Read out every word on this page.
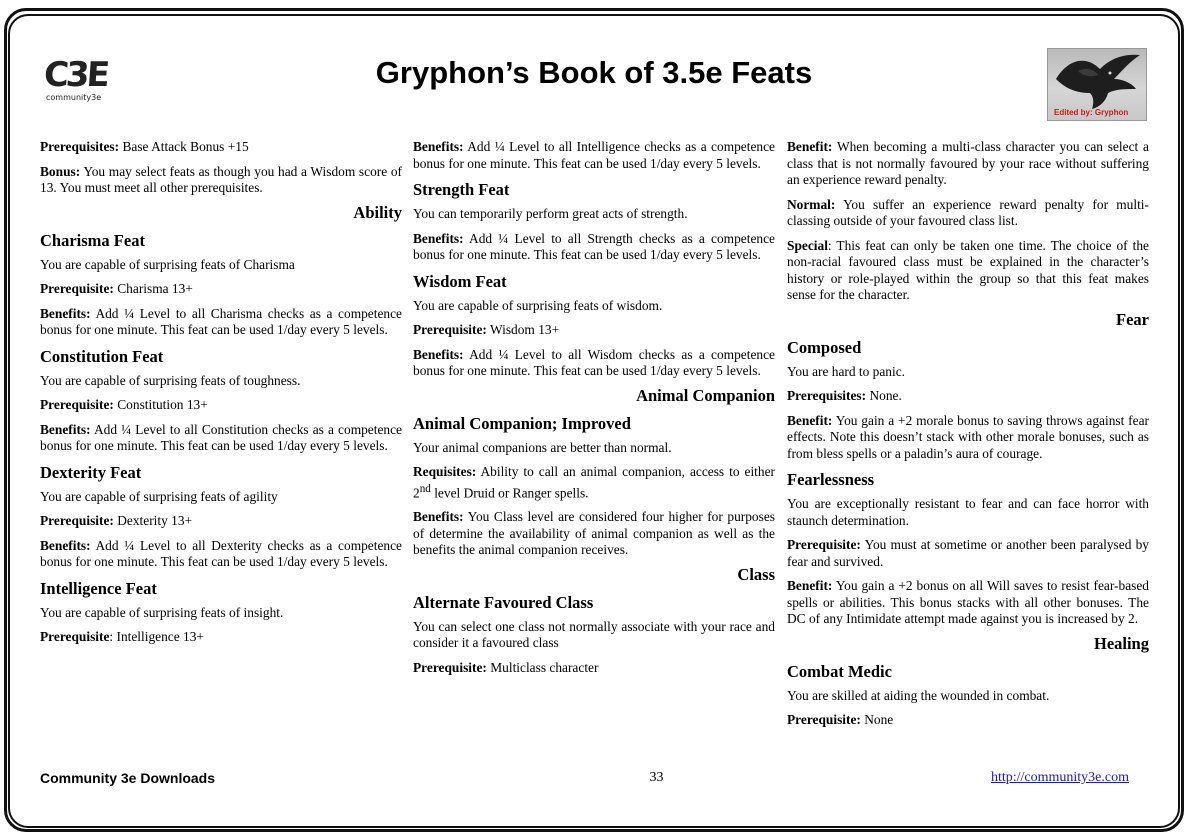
C3E
community3e
Gryphon’s Book of 3.5e Feats
Edited by: Gryphon

Prerequisites: Base Attack Bonus +15

Bonus: You may select feats as though you had a Wisdom score of 13. You must meet all other prerequisites.

Ability
Charisma Feat

You are capable of surprising feats of Charisma

Prerequisite: Charisma 13+

Benefits: Add ¼ Level to all Charisma checks as a competence bonus for one minute. This feat can be used 1/day every 5 levels.

Constitution Feat

You are capable of surprising feats of toughness.

Prerequisite: Constitution 13+

Benefits: Add ¼ Level to all Constitution checks as a competence bonus for one minute. This feat can be used 1/day every 5 levels.

Dexterity Feat

You are capable of surprising feats of agility

Prerequisite: Dexterity 13+

Benefits: Add ¼ Level to all Dexterity checks as a competence bonus for one minute. This feat can be used 1/day every 5 levels.

Intelligence Feat

You are capable of surprising feats of insight.

Prerequisite: Intelligence 13+

Benefits: Add ¼ Level to all Intelligence checks as a competence bonus for one minute. This feat can be used 1/day every 5 levels.

Strength Feat

You can temporarily perform great acts of strength.

Benefits: Add ¼ Level to all Strength checks as a competence bonus for one minute. This feat can be used 1/day every 5 levels.

Wisdom Feat

You are capable of surprising feats of wisdom.

Prerequisite: Wisdom 13+

Benefits: Add ¼ Level to all Wisdom checks as a competence bonus for one minute. This feat can be used 1/day every 5 levels.

Animal Companion
Animal Companion; Improved

Your animal companions are better than normal.

Requisites: Ability to call an animal companion, access to either 2nd level Druid or Ranger spells.

Benefits: You Class level are considered four higher for purposes of determine the availability of animal companion as well as the benefits the animal companion receives.

Class
Alternate Favoured Class

You can select one class not normally associate with your race and consider it a favoured class

Prerequisite: Multiclass character

Benefit: When becoming a multi-class character you can select a class that is not normally favoured by your race without suffering an experience reward penalty.

Normal: You suffer an experience reward penalty for multi-classing outside of your favoured class list.

Special: This feat can only be taken one time. The choice of the non-racial favoured class must be explained in the character’s history or role-played within the group so that this feat makes sense for the character.

Fear
Composed

You are hard to panic.

Prerequisites: None.

Benefit: You gain a +2 morale bonus to saving throws against fear effects. Note this doesn’t stack with other morale bonuses, such as from bless spells or a paladin’s aura of courage.

Fearlessness

You are exceptionally resistant to fear and can face horror with staunch determination.

Prerequisite: You must at sometime or another been paralysed by fear and survived.

Benefit: You gain a +2 bonus on all Will saves to resist fear-based spells or abilities. This bonus stacks with all other bonuses. The DC of any Intimidate attempt made against you is increased by 2.

Healing
Combat Medic

You are skilled at aiding the wounded in combat.

Prerequisite: None

Community 3e Downloads	33	http://community3e.com
